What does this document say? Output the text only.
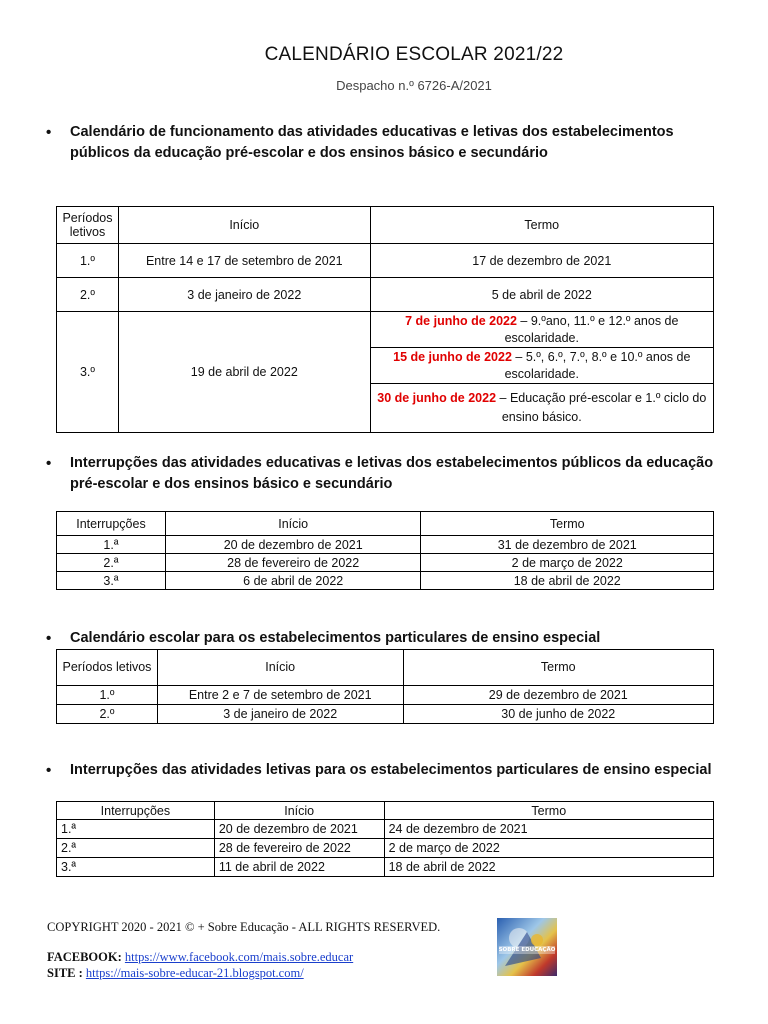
CALENDÁRIO ESCOLAR 2021/22
Despacho n.º 6726-A/2021
•	Calendário de funcionamento das atividades educativas e letivas dos estabelecimentos públicos da educação pré-escolar e dos ensinos básico e secundário
Períodos letivos	Início	Termo
1.º	Entre 14 e 17 de setembro de 2021	17 de dezembro de 2021
2.º	3 de janeiro de 2022	5 de abril de 2022
3.º	19 de abril de 2022	7 de junho de 2022 – 9.ºano, 11.º e 12.º anos de escolaridade.
		15 de junho de 2022 – 5.º, 6.º, 7.º, 8.º e 10.º anos de escolaridade.
		30 de junho de 2022 – Educação pré-escolar e 1.º ciclo do ensino básico.
•	Interrupções das atividades educativas e letivas dos estabelecimentos públicos da educação pré-escolar e dos ensinos básico e secundário
Interrupções	Início	Termo
1.ª	20 de dezembro de 2021	31 de dezembro de 2021
2.ª	28 de fevereiro de 2022	2 de março de 2022
3.ª	6 de abril de 2022	18 de abril de 2022
•	Calendário escolar para os estabelecimentos particulares de ensino especial
Períodos letivos	Início	Termo
1.º	Entre 2 e 7 de setembro de 2021	29 de dezembro de 2021
2.º	3 de janeiro de 2022	30 de junho de 2022
•	Interrupções das atividades letivas para os estabelecimentos particulares de ensino especial
Interrupções	Início	Termo
1.ª	20 de dezembro de 2021	24 de dezembro de 2021
2.ª	28 de fevereiro de 2022	2 de março de 2022
3.ª	11 de abril de 2022	18 de abril de 2022
COPYRIGHT 2020 - 2021 © + Sobre Educação - ALL RIGHTS RESERVED.
FACEBOOK: https://www.facebook.com/mais.sobre.educar
SITE : https://mais-sobre-educar-21.blogspot.com/
SOBRE EDUCAÇÃO
